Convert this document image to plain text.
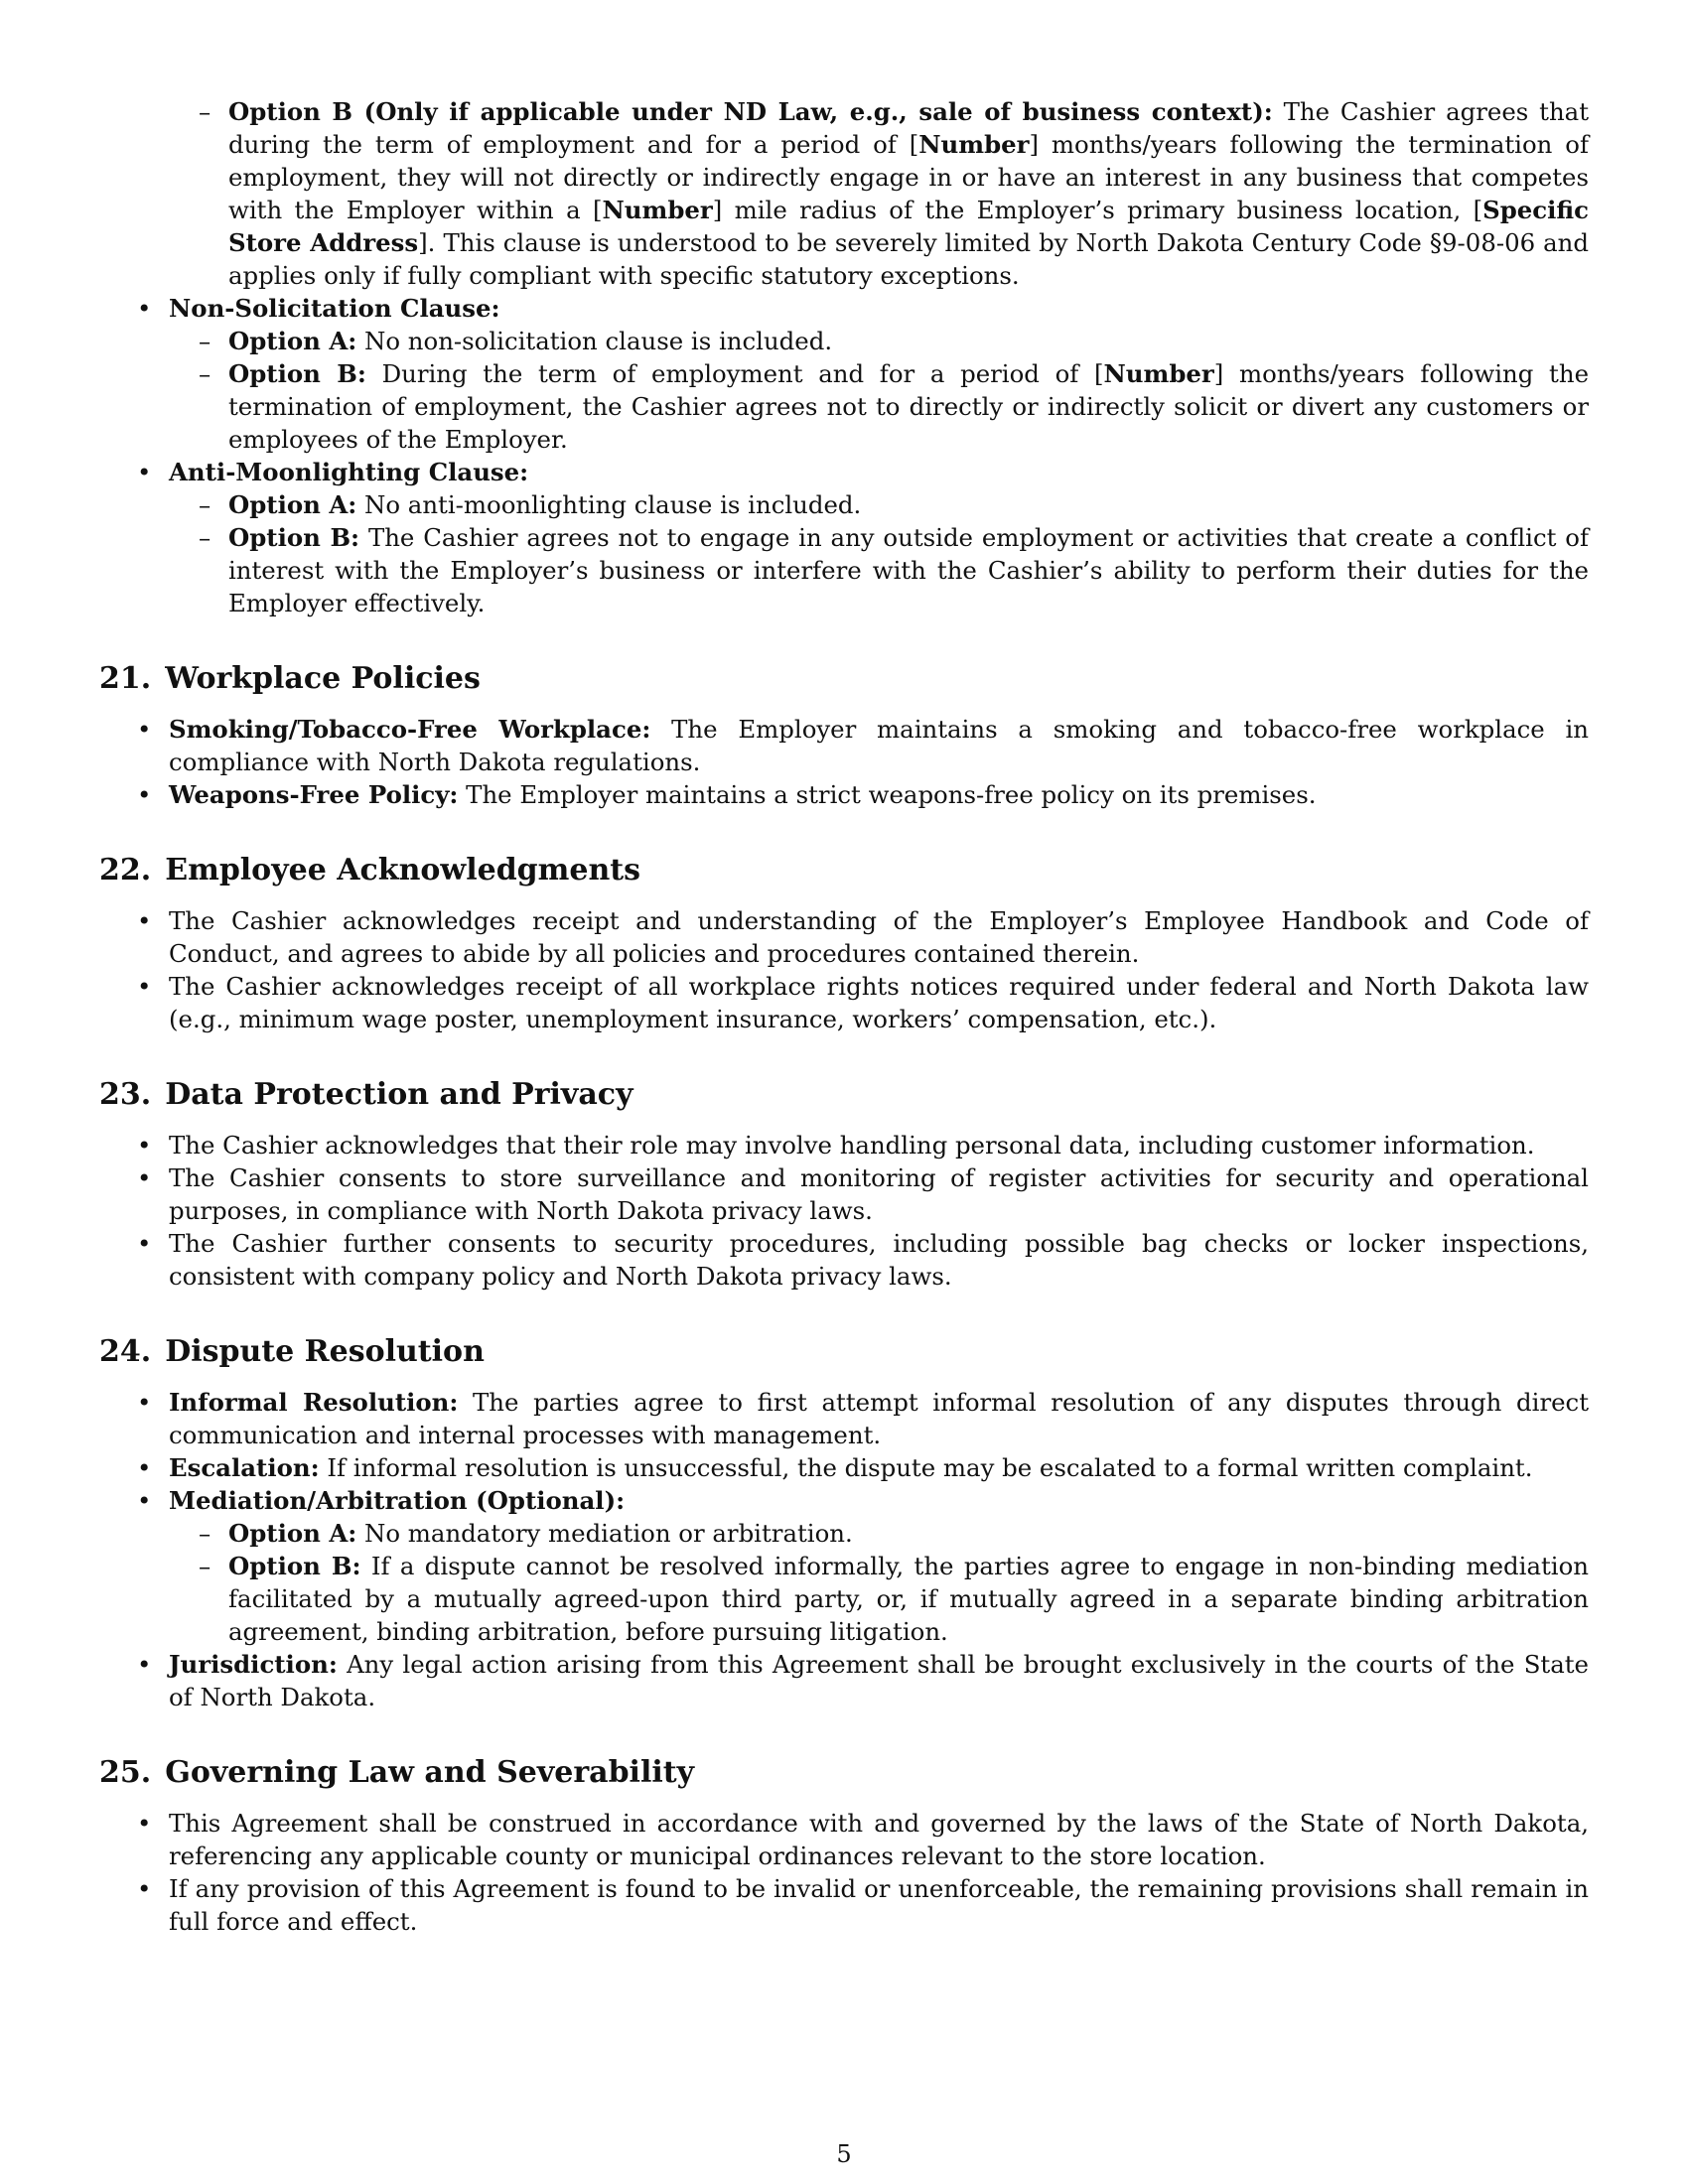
– Option B (Only if applicable under ND Law, e.g., sale of business context): The Cashier agrees that during the term of employment and for a period of [Number] months/years following the termination of employment, they will not directly or indirectly engage in or have an interest in any business that competes with the Employer within a [Number] mile radius of the Employer’s primary business location, [Specific Store Address]. This clause is understood to be severely limited by North Dakota Century Code §9-08-06 and applies only if fully compliant with specific statutory exceptions.
• Non-Solicitation Clause:
– Option A: No non-solicitation clause is included.
– Option B: During the term of employment and for a period of [Number] months/years following the termination of employment, the Cashier agrees not to directly or indirectly solicit or divert any customers or employees of the Employer.
• Anti-Moonlighting Clause:
– Option A: No anti-moonlighting clause is included.
– Option B: The Cashier agrees not to engage in any outside employment or activities that create a conflict of interest with the Employer’s business or interfere with the Cashier’s ability to perform their duties for the Employer effectively.
21. Workplace Policies
• Smoking/Tobacco-Free Workplace: The Employer maintains a smoking and tobacco-free workplace in compliance with North Dakota regulations.
• Weapons-Free Policy: The Employer maintains a strict weapons-free policy on its premises.
22. Employee Acknowledgments
• The Cashier acknowledges receipt and understanding of the Employer’s Employee Handbook and Code of Conduct, and agrees to abide by all policies and procedures contained therein.
• The Cashier acknowledges receipt of all workplace rights notices required under federal and North Dakota law (e.g., minimum wage poster, unemployment insurance, workers’ compensation, etc.).
23. Data Protection and Privacy
• The Cashier acknowledges that their role may involve handling personal data, including customer information.
• The Cashier consents to store surveillance and monitoring of register activities for security and operational purposes, in compliance with North Dakota privacy laws.
• The Cashier further consents to security procedures, including possible bag checks or locker inspections, consistent with company policy and North Dakota privacy laws.
24. Dispute Resolution
• Informal Resolution: The parties agree to first attempt informal resolution of any disputes through direct communication and internal processes with management.
• Escalation: If informal resolution is unsuccessful, the dispute may be escalated to a formal written complaint.
• Mediation/Arbitration (Optional):
– Option A: No mandatory mediation or arbitration.
– Option B: If a dispute cannot be resolved informally, the parties agree to engage in non-binding mediation facilitated by a mutually agreed-upon third party, or, if mutually agreed in a separate binding arbitration agreement, binding arbitration, before pursuing litigation.
• Jurisdiction: Any legal action arising from this Agreement shall be brought exclusively in the courts of the State of North Dakota.
25. Governing Law and Severability
• This Agreement shall be construed in accordance with and governed by the laws of the State of North Dakota, referencing any applicable county or municipal ordinances relevant to the store location.
• If any provision of this Agreement is found to be invalid or unenforceable, the remaining provisions shall remain in full force and effect.
5
